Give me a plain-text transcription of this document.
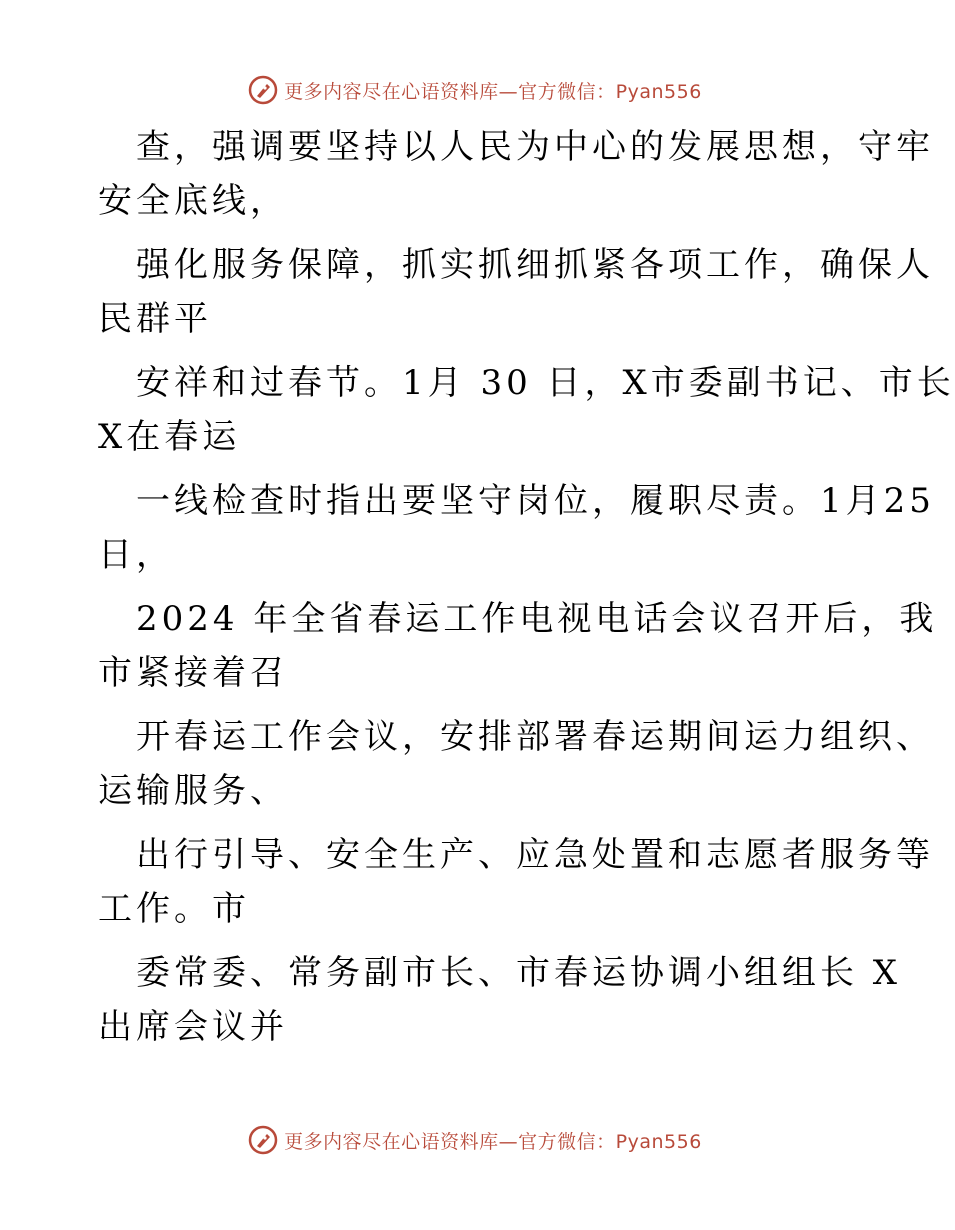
更多内容尽在心语资料库—官方微信：Pyan556
查，强调要坚持以人民为中心的发展思想，守牢
安全底线，
强化服务保障，抓实抓细抓紧各项工作，确保人
民群平
安祥和过春节。1月 30 日，X市委副书记、市长
X在春运
一线检查时指出要坚守岗位，履职尽责。1月25
日，
2024 年全省春运工作电视电话会议召开后，我
市紧接着召
开春运工作会议，安排部署春运期间运力组织、
运输服务、
出行引导、安全生产、应急处置和志愿者服务等
工作。市
委常委、常务副市长、市春运协调小组组长 X
出席会议并
更多内容尽在心语资料库—官方微信：Pyan556
